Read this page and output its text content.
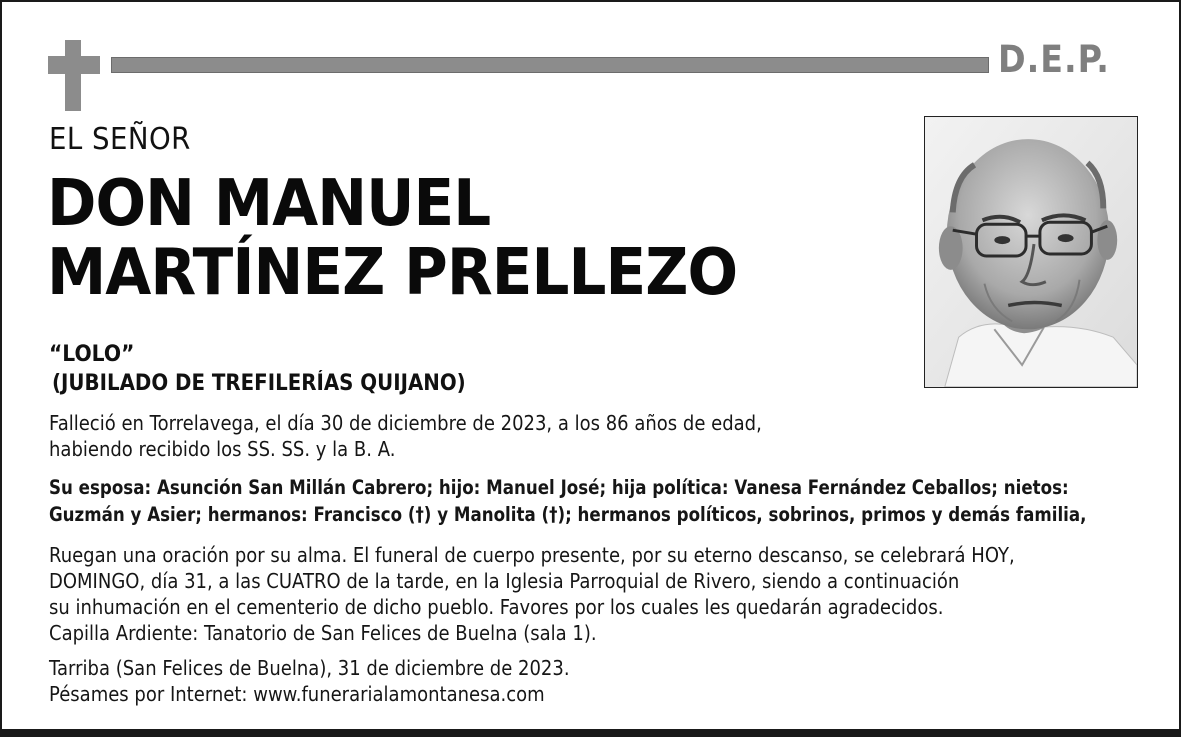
D.E.P.
EL SEÑOR
DON MANUEL
MARTÍNEZ PRELLEZO
“LOLO”
(JUBILADO DE TREFILERÍAS QUIJANO)
Falleció en Torrelavega, el día 30 de diciembre de 2023, a los 86 años de edad,
habiendo recibido los SS. SS. y la B. A.
Su esposa: Asunción San Millán Cabrero; hijo: Manuel José; hija política: Vanesa Fernández Ceballos; nietos:
Guzmán y Asier; hermanos: Francisco (†) y Manolita (†); hermanos políticos, sobrinos, primos y demás familia,
Ruegan una oración por su alma. El funeral de cuerpo presente, por su eterno descanso, se celebrará HOY,
DOMINGO, día 31, a las CUATRO de la tarde, en la Iglesia Parroquial de Rivero, siendo a continuación
su inhumación en el cementerio de dicho pueblo. Favores por los cuales les quedarán agradecidos.
Capilla Ardiente: Tanatorio de San Felices de Buelna (sala 1).
Tarriba (San Felices de Buelna), 31 de diciembre de 2023.
Pésames por Internet: www.funerarialamontanesa.com
